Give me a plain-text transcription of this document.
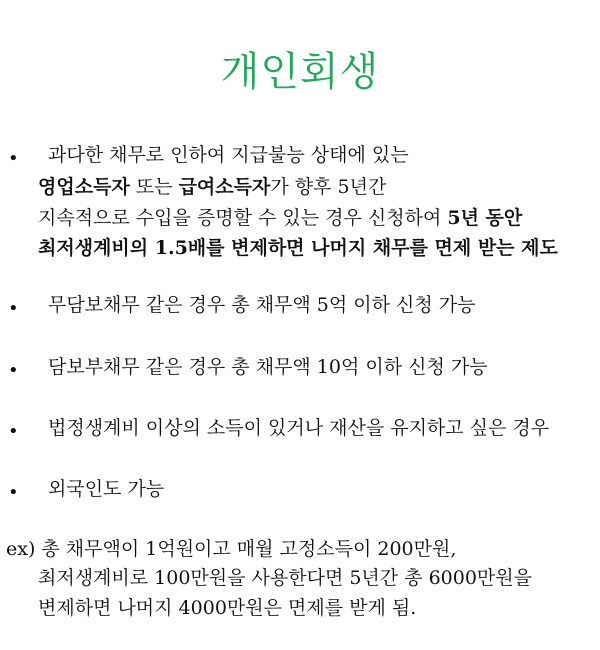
개인회생
• 과다한 채무로 인하여 지급불능 상태에 있는
영업소득자 또는 급여소득자가 향후 5년간
지속적으로 수입을 증명할 수 있는 경우 신청하여 5년 동안
최저생계비의 1.5배를 변제하면 나머지 채무를 면제 받는 제도
• 무담보채무 같은 경우 총 채무액 5억 이하 신청 가능
• 담보부채무 같은 경우 총 채무액 10억 이하 신청 가능
• 법정생계비 이상의 소득이 있거나 재산을 유지하고 싶은 경우
• 외국인도 가능
ex) 총 채무액이 1억원이고 매월 고정소득이 200만원,
최저생계비로 100만원을 사용한다면 5년간 총 6000만원을
변제하면 나머지 4000만원은 면제를 받게 됨.
